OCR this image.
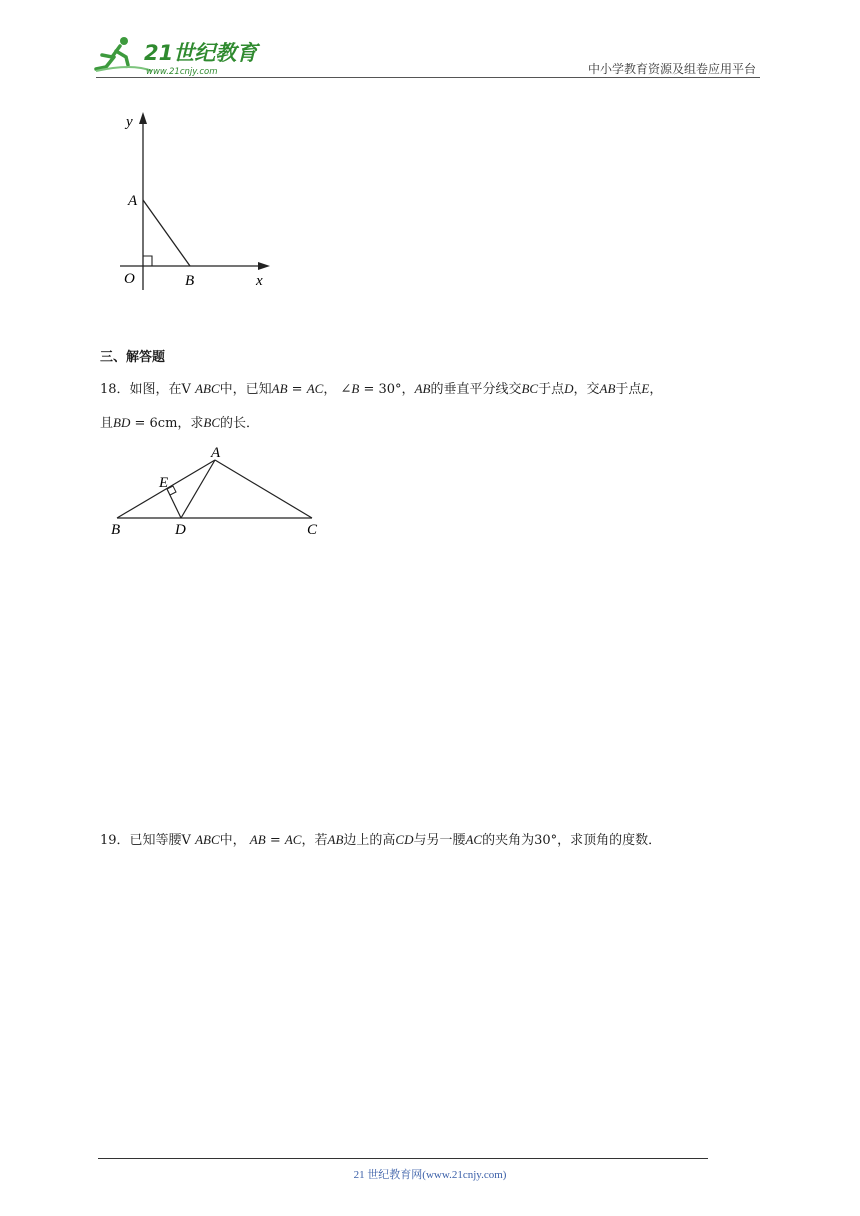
21世纪教育
www.21cnjy.com	中小学教育资源及组卷应用平台
y
A
O	B	x
三、解答题
18．如图，在V ABC中，已知AB = AC， ∠B = 30°，AB的垂直平分线交BC于点D，交AB于点E，
且BD = 6cm，求BC的长．
A
E
B	D	C
19．已知等腰V ABC中， AB = AC，若AB边上的高CD与另一腰AC的夹角为30°，求顶角的度数．
21 世纪教育网(www.21cnjy.com)
